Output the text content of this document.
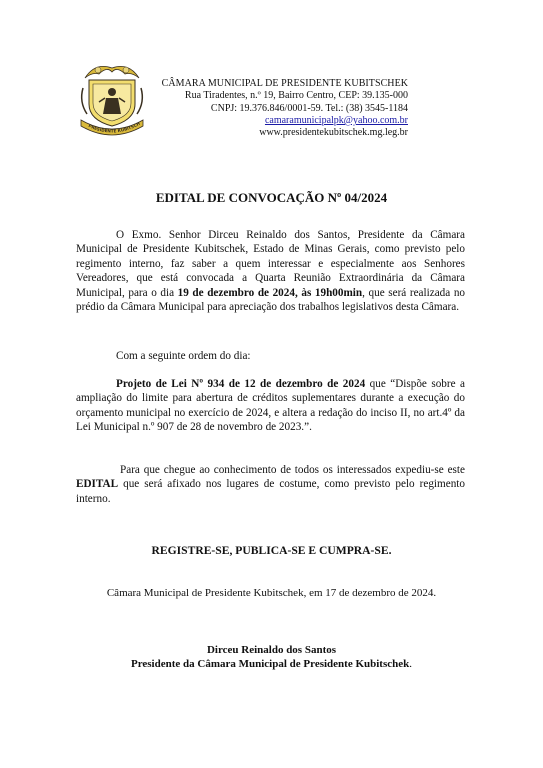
PRESIDENTE KUBITSCH
CÂMARA MUNICIPAL DE PRESIDENTE KUBITSCHEK
Rua Tiradentes, n.º 19, Bairro Centro, CEP: 39.135-000
CNPJ: 19.376.846/0001-59. Tel.: (38) 3545-1184
camaramunicipalpk@yahoo.com.br
www.presidentekubitschek.mg.leg.br
EDITAL DE CONVOCAÇÃO Nº 04/2024
O Exmo. Senhor Dirceu Reinaldo dos Santos, Presidente da Câmara Municipal de Presidente Kubitschek, Estado de Minas Gerais, como previsto pelo regimento interno, faz saber a quem interessar e especialmente aos Senhores Vereadores, que está convocada a Quarta Reunião Extraordinária da Câmara Municipal, para o dia 19 de dezembro de 2024, às 19h00min, que será realizada no prédio da Câmara Municipal para apreciação dos trabalhos legislativos desta Câmara.
Com a seguinte ordem do dia:
Projeto de Lei Nº 934 de 12 de dezembro de 2024 que “Dispõe sobre a ampliação do limite para abertura de créditos suplementares durante a execução do orçamento municipal no exercício de 2024, e altera a redação do inciso II, no art.4º da Lei Municipal n.º 907 de 28 de novembro de 2023.”.
Para que chegue ao conhecimento de todos os interessados expediu-se este EDITAL que será afixado nos lugares de costume, como previsto pelo regimento interno.
REGISTRE-SE, PUBLICA-SE E CUMPRA-SE.
Câmara Municipal de Presidente Kubitschek, em 17 de dezembro de 2024.
Dirceu Reinaldo dos Santos
Presidente da Câmara Municipal de Presidente Kubitschek.
